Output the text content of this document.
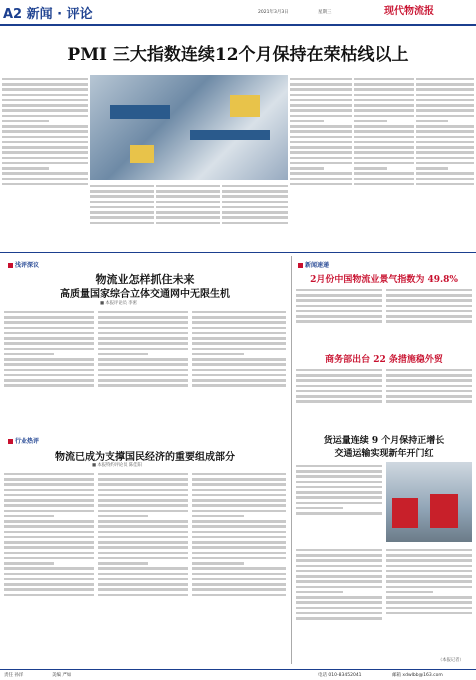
A2 新闻 · 评论	2021年3月3日	星期三	现代物流报
PMI 三大指数连续12个月保持在荣枯线以上
浅评深议
物流业怎样抓住未来
高质量国家综合立体交通网中无限生机
■ 本报评论员 李密
行业热评
物流已成为支撑国民经济的重要组成部分
■ 本报特约评论员 陈佳阳
新闻速递
2月份中国物流业景气指数为 49.8%
商务部出台 22 条措施稳外贸
货运量连续 9 个月保持正增长
交通运输实现新年开门红
（本报记者）
责任 孙洋	美编 严如	电话 010-83452041	邮箱 xdwlbb@163.com
